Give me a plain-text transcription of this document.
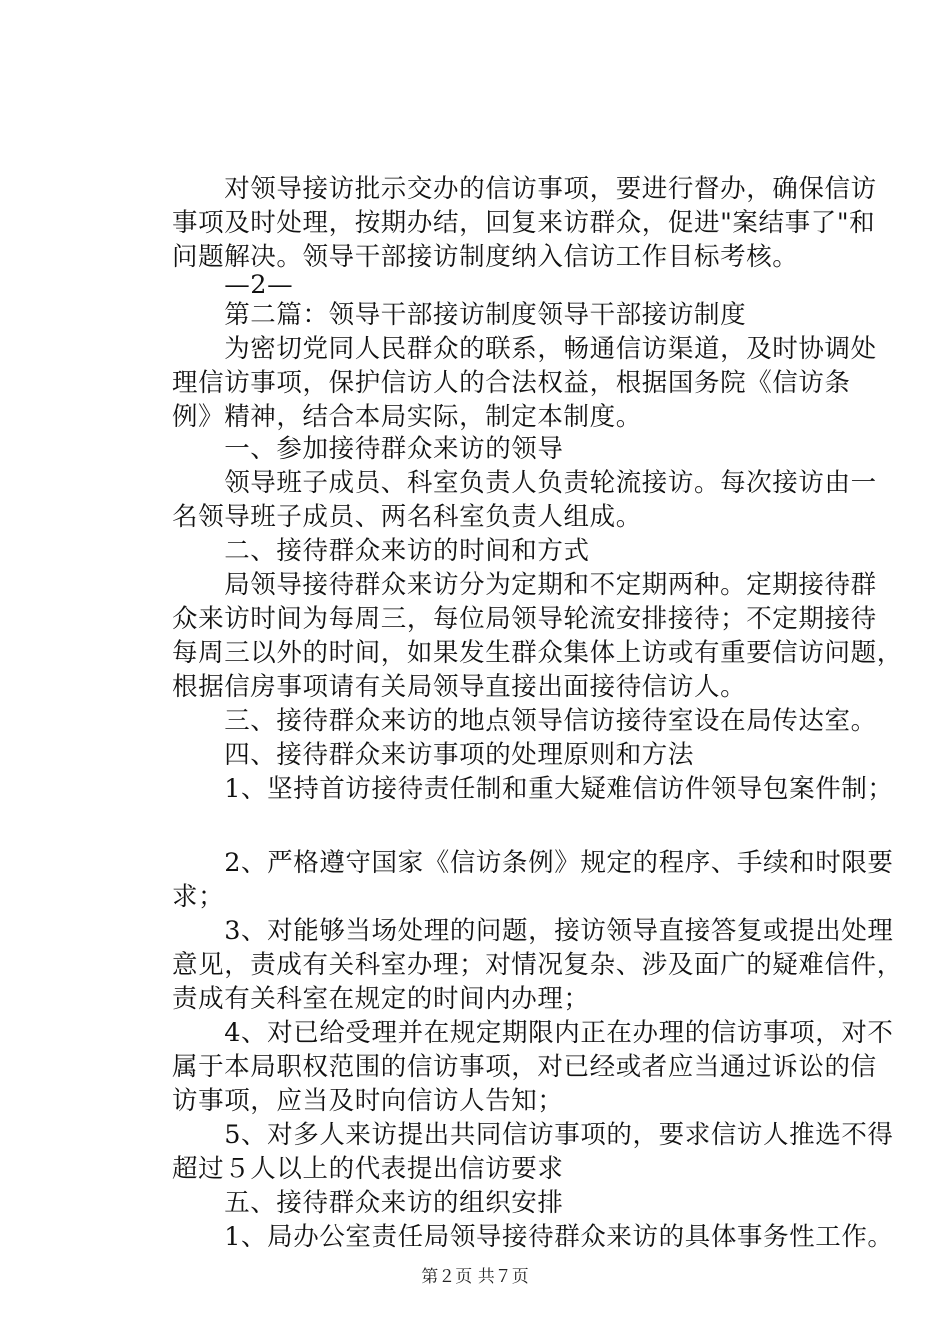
　　对领导接访批示交办的信访事项，要进行督办，确保信访
事项及时处理，按期办结，回复来访群众，促进"案结事了"和
问题解决。领导干部接访制度纳入信访工作目标考核。
　　—2—
　　第二篇：领导干部接访制度领导干部接访制度
　　为密切党同人民群众的联系，畅通信访渠道，及时协调处
理信访事项，保护信访人的合法权益，根据国务院《信访条
例》精神，结合本局实际，制定本制度。
　　一、参加接待群众来访的领导
　　领导班子成员、科室负责人负责轮流接访。每次接访由一
名领导班子成员、两名科室负责人组成。
　　二、接待群众来访的时间和方式
　　局领导接待群众来访分为定期和不定期两种。定期接待群
众来访时间为每周三，每位局领导轮流安排接待；不定期接待
每周三以外的时间，如果发生群众集体上访或有重要信访问题，
根据信房事项请有关局领导直接出面接待信访人。
　　三、接待群众来访的地点领导信访接待室设在局传达室。
　　四、接待群众来访事项的处理原则和方法
　　1、坚持首访接待责任制和重大疑难信访件领导包案件制；
　　2、严格遵守国家《信访条例》规定的程序、手续和时限要
求；
　　3、对能够当场处理的问题，接访领导直接答复或提出处理
意见，责成有关科室办理；对情况复杂、涉及面广的疑难信件，
责成有关科室在规定的时间内办理；
　　4、对已给受理并在规定期限内正在办理的信访事项，对不
属于本局职权范围的信访事项，对已经或者应当通过诉讼的信
访事项，应当及时向信访人告知；
　　5、对多人来访提出共同信访事项的，要求信访人推选不得
超过５人以上的代表提出信访要求
　　五、接待群众来访的组织安排
　　1、局办公室责任局领导接待群众来访的具体事务性工作。
第２页 共７页
